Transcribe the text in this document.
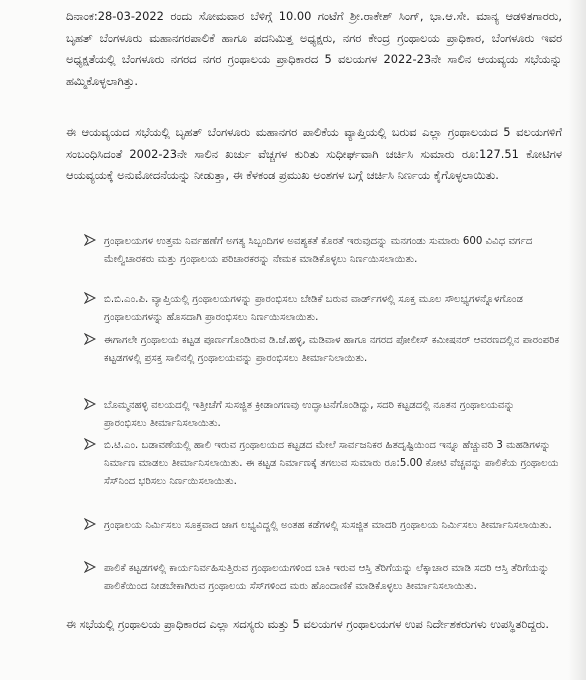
ದಿನಾಂಕ:28-03-2022 ರಂದು ಸೋಮವಾರ ಬೆಳಿಗ್ಗೆ 10.00 ಗಂಟೆಗೆ ಶ್ರೀ.ರಾಕೇಶ್ ಸಿಂಗ್, ಭಾ.ಆ.ಸೇ. ಮಾನ್ಯ ಆಡಳಿತಗಾರರು, ಬೃಹತ್ ಬೆಂಗಳೂರು ಮಹಾನಗರಪಾಲಿಕೆ ಹಾಗೂ ಪದನಿಮಿತ್ತ ಅಧ್ಯಕ್ಷರು, ನಗರ ಕೇಂದ್ರ ಗ್ರಂಥಾಲಯ ಪ್ರಾಧಿಕಾರ, ಬೆಂಗಳೂರು ಇವರ ಅಧ್ಯಕ್ಷತೆಯಲ್ಲಿ ಬೆಂಗಳೂರು ನಗರದ ನಗರ ಗ್ರಂಥಾಲಯ ಪ್ರಾಧಿಕಾರದ 5 ವಲಯಗಳ 2022-23ನೇ ಸಾಲಿನ ಆಯವ್ಯಯ ಸಭೆಯನ್ನು ಹಮ್ಮಿಕೊಳ್ಳಲಾಗಿತ್ತು.
ಈ ಆಯವ್ಯಯದ ಸಭೆಯಲ್ಲಿ ಬೃಹತ್ ಬೆಂಗಳೂರು ಮಹಾನಗರ ಪಾಲಿಕೆಯ ವ್ಯಾಪ್ತಿಯಲ್ಲಿ ಬರುವ ಎಲ್ಲಾ ಗ್ರಂಥಾಲಯದ 5 ವಲಯಗಳಿಗೆ ಸಂಬಂಧಿಸಿದಂತೆ 2002-23ನೇ ಸಾಲಿನ ಖರ್ಚು ವೆಚ್ಚಗಳ ಕುರಿತು ಸುಧೀರ್ಘವಾಗಿ ಚರ್ಚಿಸಿ ಸುಮಾರು ರೂ:127.51 ಕೋಟಿಗಳ ಆಯವ್ಯಯಕ್ಕೆ ಅನುಮೋದನೆಯನ್ನು ನೀಡುತ್ತಾ, ಈ ಕೆಳಕಂಡ ಪ್ರಮುಖ ಅಂಶಗಳ ಬಗ್ಗೆ ಚರ್ಚಿಸಿ ನಿರ್ಣಯ ಕೈಗೊಳ್ಳಲಾಯಿತು.
ಗ್ರಂಥಾಲಯಗಳ ಉತ್ತಮ ನಿರ್ವಹಣೆಗೆ ಅಗತ್ಯ ಸಿಬ್ಬಂದಿಗಳ ಅವಶ್ಯಕತೆ ಕೊರತೆ ಇರುವುದನ್ನು ಮನಗಂಡು ಸುಮಾರು 600 ವಿವಿಧ ವರ್ಗದ ಮೇಲ್ವಿಚಾರಕರು ಮತ್ತು ಗ್ರಂಥಾಲಯ ಪರಿಚಾರಕರನ್ನು ನೇಮಕ ಮಾಡಿಕೊಳ್ಳಲು ನಿರ್ಣಯಿಸಲಾಯಿತು.
ಬಿ.ಬಿ.ಎಂ.ಪಿ. ವ್ಯಾಪ್ತಿಯಲ್ಲಿ ಗ್ರಂಥಾಲಯಗಳನ್ನು ಪ್ರಾರಂಭಿಸಲು ಬೇಡಿಕೆ ಬರುವ ವಾರ್ಡ್‌ಗಳಲ್ಲಿ ಸೂಕ್ತ ಮೂಲ ಸೌಲಭ್ಯಗಳನ್ನೊಳಗೊಂಡ ಗ್ರಂಥಾಲಯಗಳನ್ನು ಹೊಸದಾಗಿ ಪ್ರಾರಂಭಿಸಲು ನಿರ್ಣಯಿಸಲಾಯಿತು.
ಈಗಾಗಲೇ ಗ್ರಂಥಾಲಯ ಕಟ್ಟಡ ಪೂರ್ಣಗೊಂಡಿರುವ ಡಿ.ಜೆ.ಹಳ್ಳಿ, ಮಡಿವಾಳ ಹಾಗೂ ನಗರದ ಪೋಲೀಸ್ ಕಮೀಷನರ್ ಆವರಣದಲ್ಲಿನ ಪಾರಂಪರಿಕ ಕಟ್ಟಡಗಳಲ್ಲಿ ಪ್ರಸಕ್ತ ಸಾಲಿನಲ್ಲಿ ಗ್ರಂಥಾಲಯವನ್ನು ಪ್ರಾರಂಭಿಸಲು ತೀರ್ಮಾನಿಲಾಯಿತು.
ಬೊಮ್ಮನಹಳ್ಳಿ ವಲಯದಲ್ಲಿ ಇತ್ತೀಚೆಗೆ ಸುಸಜ್ಜಿತ ಕ್ರೀಡಾಂಗಣವು ಉದ್ಘಾಟನೆಗೊಂಡಿದ್ದು, ಸದರಿ ಕಟ್ಟಡದಲ್ಲಿ ನೂತನ ಗ್ರಂಥಾಲಯವನ್ನು ಪ್ರಾರಂಭಿಸಲು ತೀರ್ಮಾನಿಸಲಾಯಿತು.
ಬಿ.ಟಿ.ಎಂ. ಬಡಾವಣೆಯಲ್ಲಿ ಹಾಲಿ ಇರುವ ಗ್ರಂಥಾಲಯದ ಕಟ್ಟಡದ ಮೇಲೆ ಸಾರ್ವಜನಿಕರ ಹಿತದೃಷ್ಟಿಯಿಂದ ಇನ್ನೂ ಹೆಚ್ಚುವರಿ 3 ಮಹಡಿಗಳನ್ನು ನಿರ್ಮಾಣ ಮಾಡಲು ತೀರ್ಮಾನಿಸಲಾಯಿತು. ಈ ಕಟ್ಟಡ ನಿರ್ಮಾಣಕ್ಕೆ ತಗಲುವ ಸುಮಾರು ರೂ:5.00 ಕೋಟಿ ವೆಚ್ಚವನ್ನು ಪಾಲಿಕೆಯ ಗ್ರಂಥಾಲಯ ಸೆಸ್‌ನಿಂದ ಭರಿಸಲು ನಿರ್ಣಯಿಸಲಾಯಿತು.
ಗ್ರಂಥಾಲಯ ನಿರ್ಮಿಸಲು ಸೂಕ್ತವಾದ ಜಾಗ ಲಭ್ಯವಿದ್ದಲ್ಲಿ ಅಂತಹ ಕಡೆಗಳಲ್ಲಿ ಸುಸಜ್ಜಿತ ಮಾದರಿ ಗ್ರಂಥಾಲಯ ನಿರ್ಮಿಸಲು ತೀರ್ಮಾನಿಸಲಾಯಿತು.
ಪಾಲಿಕೆ ಕಟ್ಟಡಗಳಲ್ಲಿ ಕಾರ್ಯನಿರ್ವಹಿಸುತ್ತಿರುವ ಗ್ರಂಥಾಲಯಗಳಿಂದ ಬಾಕಿ ಇರುವ ಆಸ್ತಿ ತೆರಿಗೆಯನ್ನು ಲೆಕ್ಕಾಚಾರ ಮಾಡಿ ಸದರಿ ಆಸ್ತಿ ತೆರಿಗೆಯನ್ನು ಪಾಲಿಕೆಯಿಂದ ನೀಡಬೇಕಾಗಿರುವ ಗ್ರಂಥಾಲಯ ಸೆಸ್‌ಗಳಿಂದ ಮರು ಹೊಂದಾಣಿಕೆ ಮಾಡಿಕೊಳ್ಳಲು ತೀರ್ಮಾನಿಸಲಾಯಿತು.
ಈ ಸಭೆಯಲ್ಲಿ ಗ್ರಂಥಾಲಯ ಪ್ರಾಧಿಕಾರದ ಎಲ್ಲಾ ಸದಸ್ಯರು ಮತ್ತು 5 ವಲಯಗಳ ಗ್ರಂಥಾಲಯಗಳ ಉಪ ನಿರ್ದೇಶಕರುಗಳು ಉಪಸ್ಥಿತರಿದ್ದರು.
